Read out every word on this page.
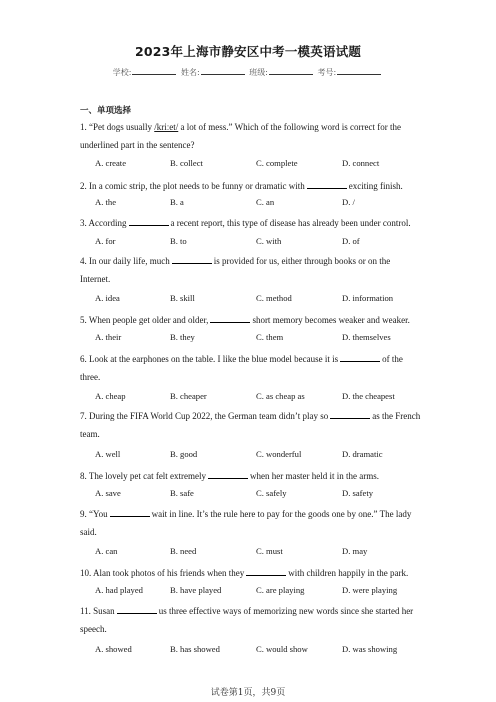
2023年上海市静安区中考一模英语试题
学校:	姓名:	班级:	考号:
一、单项选择
1. “Pet dogs usually /kriːet/ a lot of mess.” Which of the following word is correct for the
underlined part in the sentence?
A. create	B. collect	C. complete	D. connect
2. In a comic strip, the plot needs to be funny or dramatic with	exciting finish.
A. the	B. a	C. an	D. /
3. According	a recent report, this type of disease has already been under control.
A. for	B. to	C. with	D. of
4. In our daily life, much	is provided for us, either through books or on the
Internet.
A. idea	B. skill	C. method	D. information
5. When people get older and older,	short memory becomes weaker and weaker.
A. their	B. they	C. them	D. themselves
6. Look at the earphones on the table. I like the blue model because it is	of the
three.
A. cheap	B. cheaper	C. as cheap as	D. the cheapest
7. During the FIFA World Cup 2022, the German team didn’t play so	as the French
team.
A. well	B. good	C. wonderful	D. dramatic
8. The lovely pet cat felt extremely	when her master held it in the arms.
A. save	B. safe	C. safely	D. safety
9. “You	wait in line. It’s the rule here to pay for the goods one by one.” The lady
said.
A. can	B. need	C. must	D. may
10. Alan took photos of his friends when they	with children happily in the park.
A. had played	B. have played	C. are playing	D. were playing
11. Susan	us three effective ways of memorizing new words since she started her
speech.
A. showed	B. has showed	C. would show	D. was showing
试卷第1页，共9页
